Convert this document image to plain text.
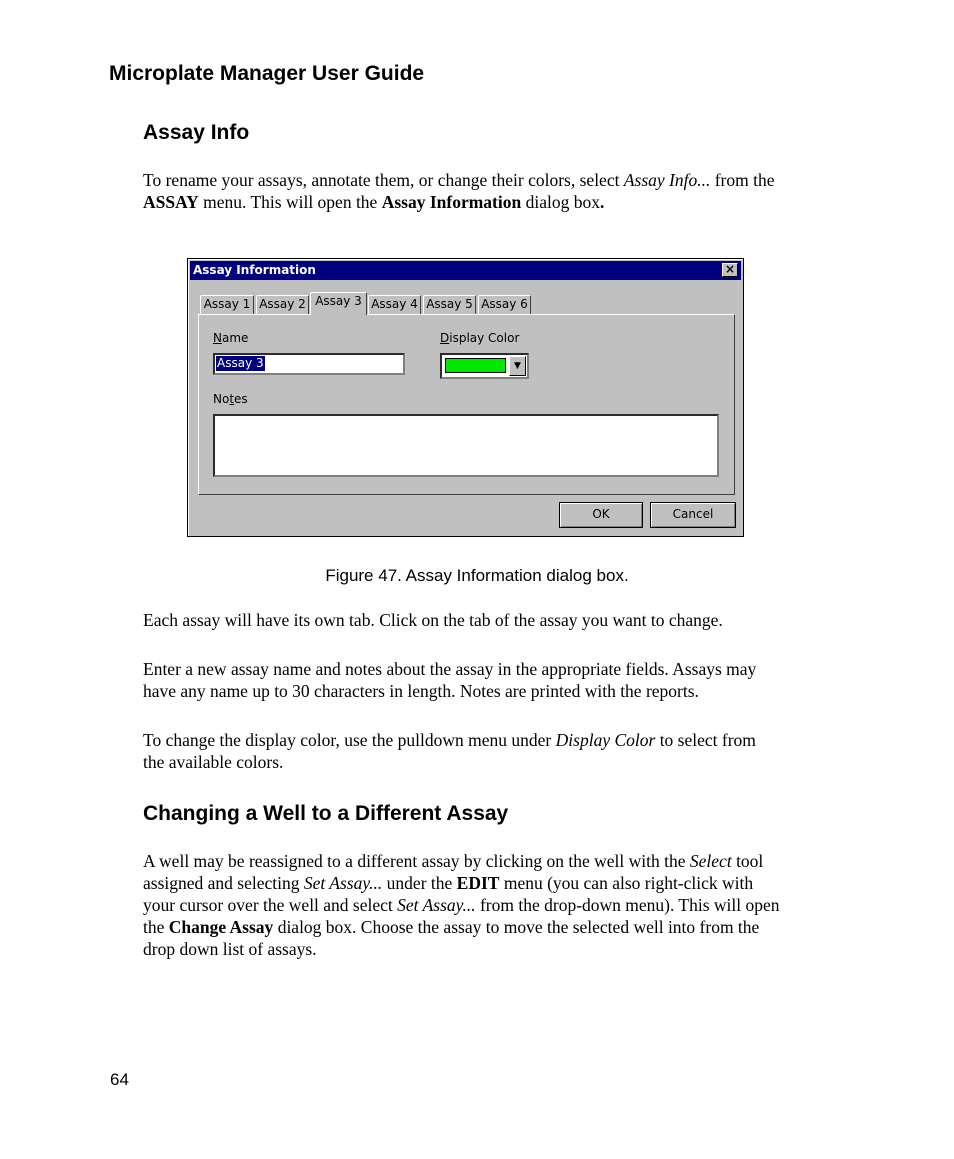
Microplate Manager User Guide
Assay Info
To rename your assays, annotate them, or change their colors, select Assay Info... from the ASSAY menu. This will open the Assay Information dialog box.
Assay Information	×
Assay 1 Assay 2 Assay 3 Assay 4 Assay 5 Assay 6
Name
Assay 3
Display Color
▼
Notes
OK	Cancel
Figure 47. Assay Information dialog box.
Each assay will have its own tab. Click on the tab of the assay you want to change.
Enter a new assay name and notes about the assay in the appropriate fields. Assays may have any name up to 30 characters in length. Notes are printed with the reports.
To change the display color, use the pulldown menu under Display Color to select from the available colors.
Changing a Well to a Different Assay
A well may be reassigned to a different assay by clicking on the well with the Select tool assigned and selecting Set Assay... under the EDIT menu (you can also right-click with your cursor over the well and select Set Assay... from the drop-down menu). This will open the Change Assay dialog box. Choose the assay to move the selected well into from the drop down list of assays.
64
